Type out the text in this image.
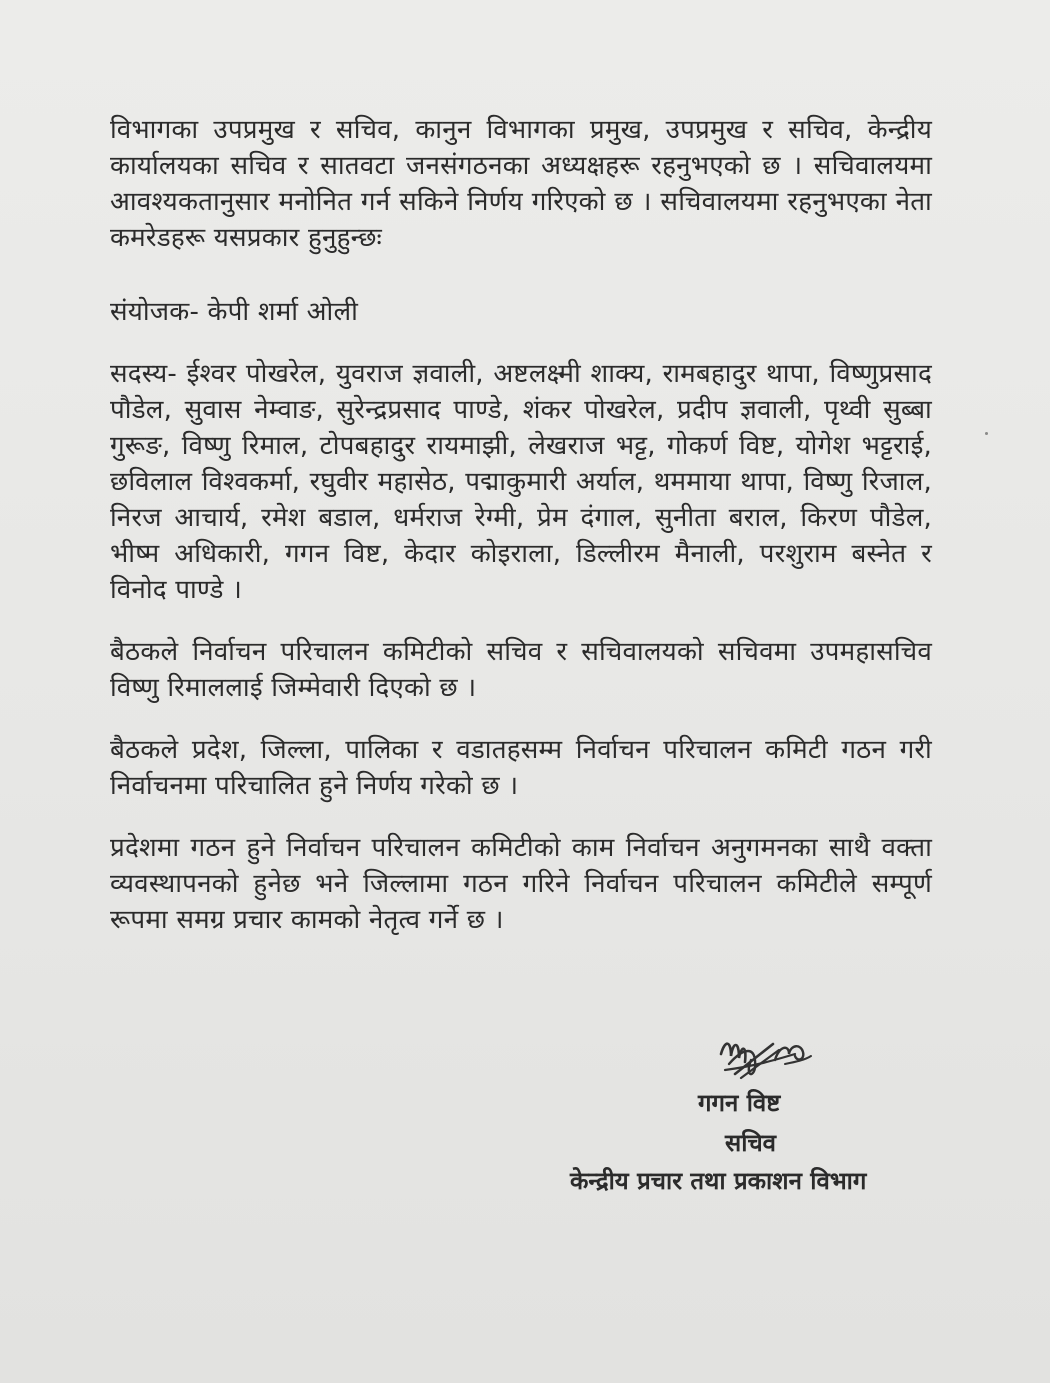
विभागका उपप्रमुख र सचिव, कानुन विभागका प्रमुख, उपप्रमुख र सचिव, केन्द्रीय कार्यालयका सचिव र सातवटा जनसंगठनका अध्यक्षहरू रहनुभएको छ । सचिवालयमा आवश्यकतानुसार मनोनित गर्न सकिने निर्णय गरिएको छ । सचिवालयमा रहनुभएका नेता कमरेडहरू यसप्रकार हुनुहुन्छः

संयोजक- केपी शर्मा ओली

सदस्य- ईश्वर पोखरेल, युवराज ज्ञवाली, अष्टलक्ष्मी शाक्य, रामबहादुर थापा, विष्णुप्रसाद पौडेल, सुवास नेम्वाङ, सुरेन्द्रप्रसाद पाण्डे, शंकर पोखरेल, प्रदीप ज्ञवाली, पृथ्वी सुब्बा गुरूङ, विष्णु रिमाल, टोपबहादुर रायमाझी, लेखराज भट्ट, गोकर्ण विष्ट, योगेश भट्टराई, छविलाल विश्वकर्मा, रघुवीर महासेठ, पद्माकुमारी अर्याल, थममाया थापा, विष्णु रिजाल, निरज आचार्य, रमेश बडाल, धर्मराज रेग्मी, प्रेम दंगाल, सुनीता बराल, किरण पौडेल, भीष्म अधिकारी, गगन विष्ट, केदार कोइराला, डिल्लीरम मैनाली, परशुराम बस्नेत र विनोद पाण्डे ।

बैठकले निर्वाचन परिचालन कमिटीको सचिव र सचिवालयको सचिवमा उपमहासचिव विष्णु रिमाललाई जिम्मेवारी दिएको छ ।

बैठकले प्रदेश, जिल्ला, पालिका र वडातहसम्म निर्वाचन परिचालन कमिटी गठन गरी निर्वाचनमा परिचालित हुने निर्णय गरेको छ ।

प्रदेशमा गठन हुने निर्वाचन परिचालन कमिटीको काम निर्वाचन अनुगमनका साथै वक्ता व्यवस्थापनको हुनेछ भने जिल्लामा गठन गरिने निर्वाचन परिचालन कमिटीले सम्पूर्ण रूपमा समग्र प्रचार कामको नेतृत्व गर्ने छ ।

गगन विष्ट
सचिव
केन्द्रीय प्रचार तथा प्रकाशन विभाग
